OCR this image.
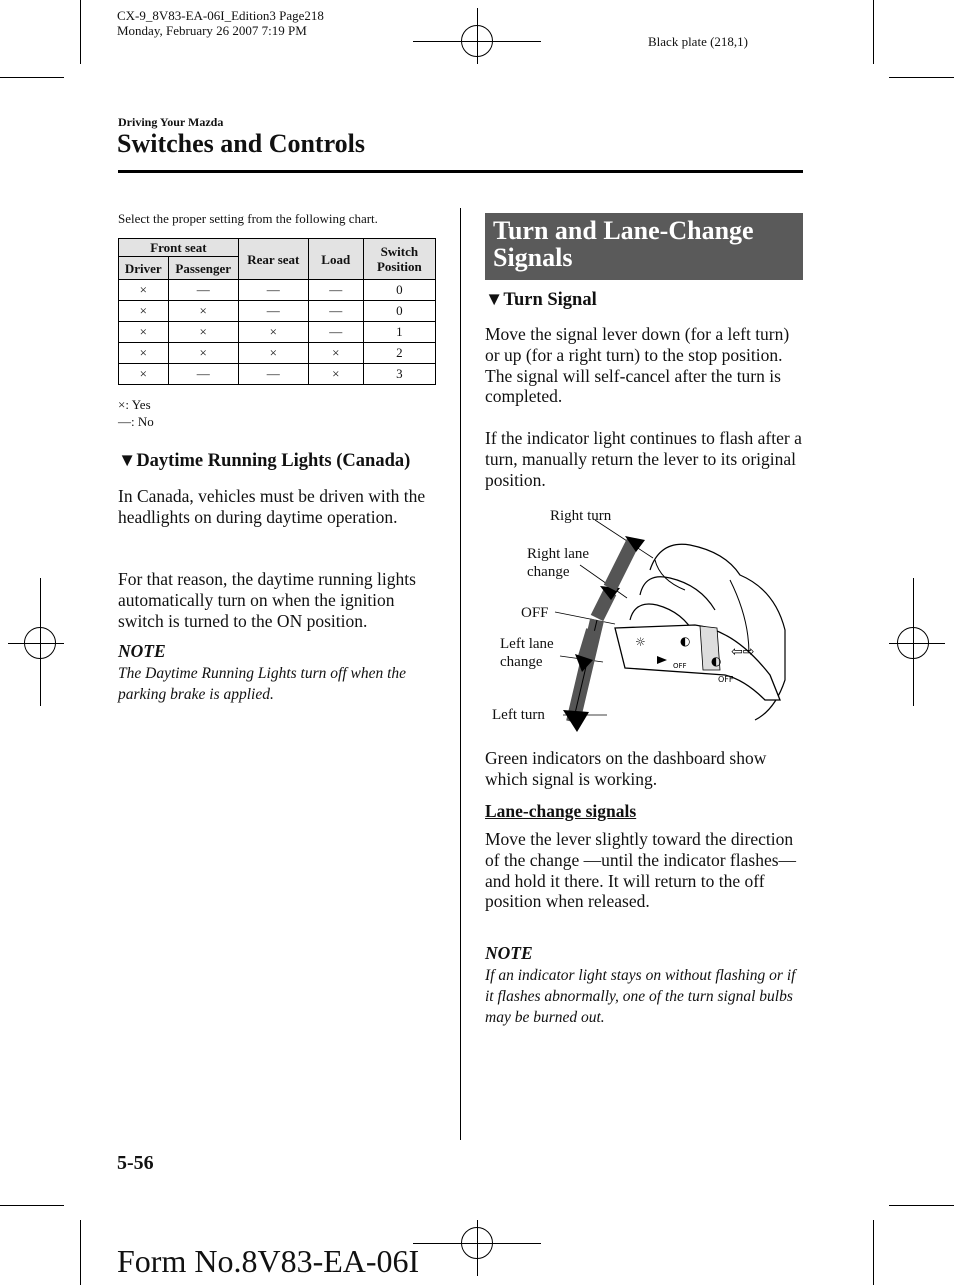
CX-9_8V83-EA-06I_Edition3 Page218
Monday, February 26 2007 7:19 PM
Black plate (218,1)
Driving Your Mazda
Switches and Controls
Select the proper setting from the following chart.
Front seat		Rear seat	Load	Switch Position
Driver	Passenger			
×	—	—	—	0
×	×	—	—	0
×	×	×	—	1
×	×	×	×	2
×	—	—	×	3
×: Yes
—: No
▼Daytime Running Lights (Canada)
In Canada, vehicles must be driven with the headlights on during daytime operation.
For that reason, the daytime running lights automatically turn on when the ignition switch is turned to the ON position.
NOTE
The Daytime Running Lights turn off when the parking brake is applied.
Turn and Lane-Change Signals
▼Turn Signal
Move the signal lever down (for a left turn) or up (for a right turn) to the stop position. The signal will self-cancel after the turn is completed.
If the indicator light continues to flash after a turn, manually return the lever to its original position.
☼	◐
◐
⇦⇨
OFF
OFF
Right turn
Right lane
change
OFF
Left lane
change
Left turn
Green indicators on the dashboard show which signal is working.
Lane-change signals
Move the lever slightly toward the direction of the change —until the indicator flashes— and hold it there. It will return to the off position when released.
NOTE
If an indicator light stays on without flashing or if it flashes abnormally, one of the turn signal bulbs may be burned out.
5-56
Form No.8V83-EA-06I
